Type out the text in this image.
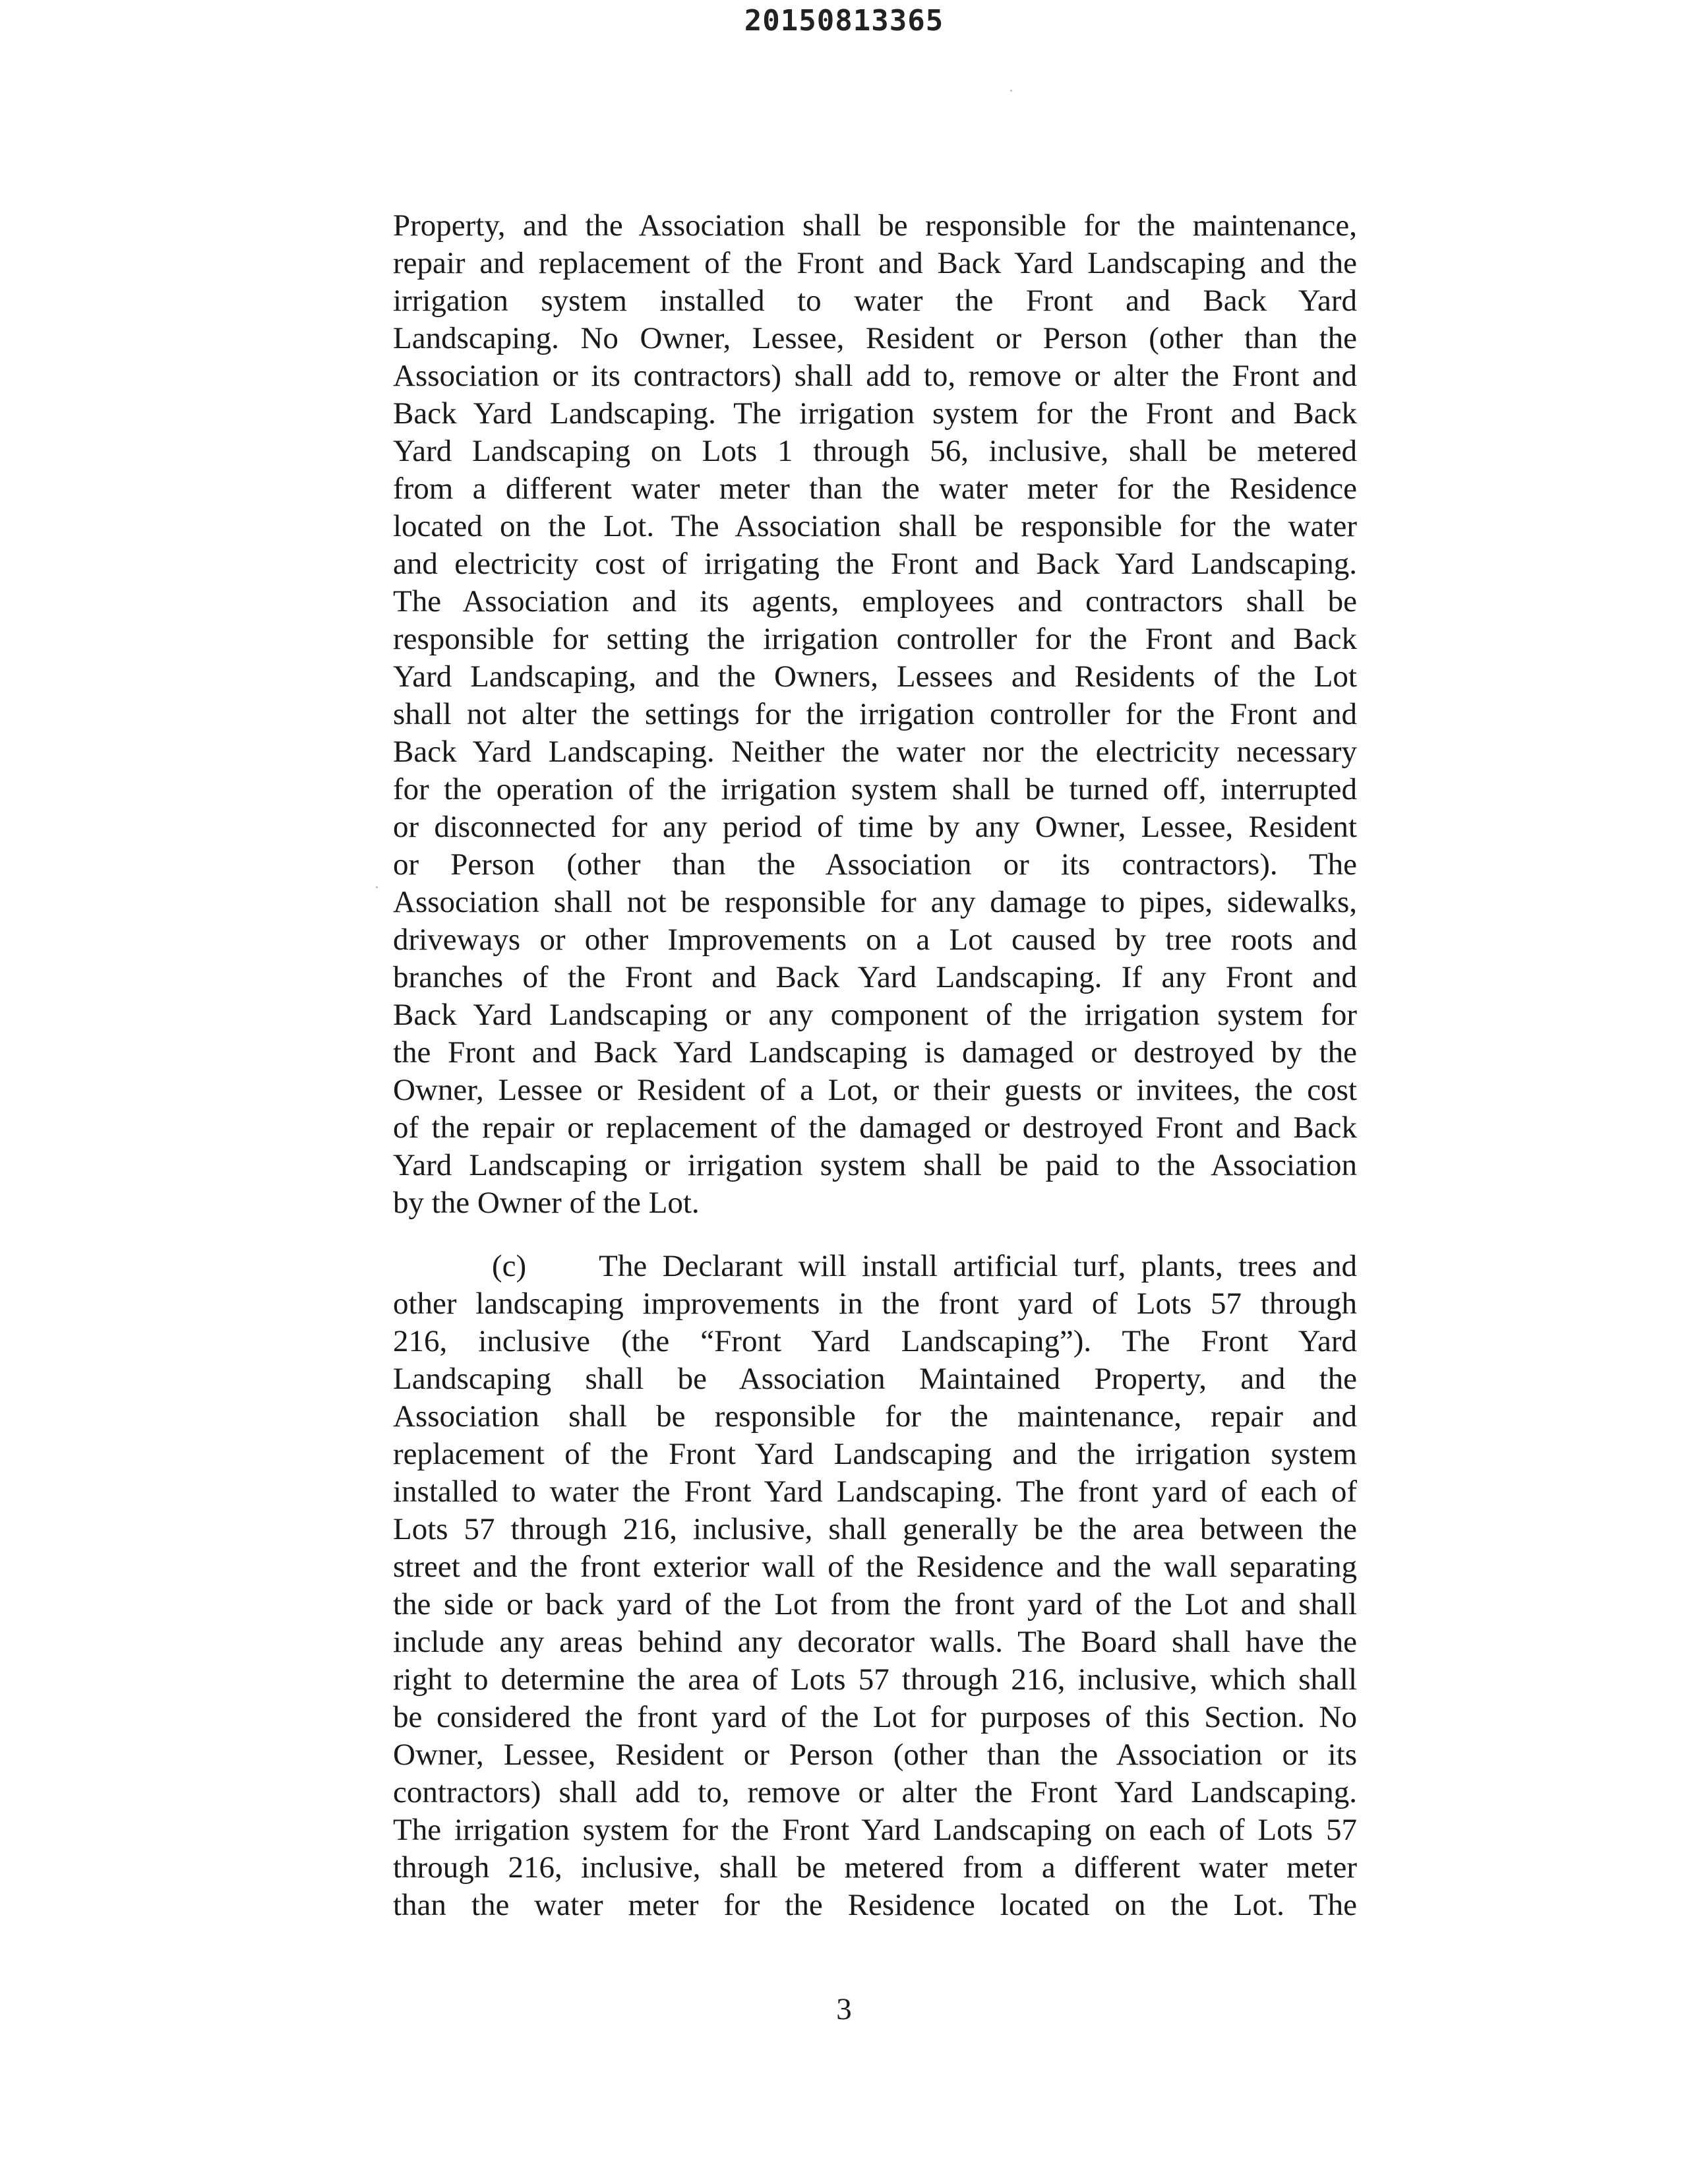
20150813365
Property, and the Association shall be responsible for the maintenance,
repair and replacement of the Front and Back Yard Landscaping and the
irrigation system installed to water the Front and Back Yard
Landscaping. No Owner, Lessee, Resident or Person (other than the
Association or its contractors) shall add to, remove or alter the Front and
Back Yard Landscaping. The irrigation system for the Front and Back
Yard Landscaping on Lots 1 through 56, inclusive, shall be metered
from a different water meter than the water meter for the Residence
located on the Lot. The Association shall be responsible for the water
and electricity cost of irrigating the Front and Back Yard Landscaping.
The Association and its agents, employees and contractors shall be
responsible for setting the irrigation controller for the Front and Back
Yard Landscaping, and the Owners, Lessees and Residents of the Lot
shall not alter the settings for the irrigation controller for the Front and
Back Yard Landscaping. Neither the water nor the electricity necessary
for the operation of the irrigation system shall be turned off, interrupted
or disconnected for any period of time by any Owner, Lessee, Resident
or Person (other than the Association or its contractors). The
Association shall not be responsible for any damage to pipes, sidewalks,
driveways or other Improvements on a Lot caused by tree roots and
branches of the Front and Back Yard Landscaping. If any Front and
Back Yard Landscaping or any component of the irrigation system for
the Front and Back Yard Landscaping is damaged or destroyed by the
Owner, Lessee or Resident of a Lot, or their guests or invitees, the cost
of the repair or replacement of the damaged or destroyed Front and Back
Yard Landscaping or irrigation system shall be paid to the Association
by the Owner of the Lot.
(c) The Declarant will install artificial turf, plants, trees and
other landscaping improvements in the front yard of Lots 57 through
216, inclusive (the “Front Yard Landscaping”). The Front Yard
Landscaping shall be Association Maintained Property, and the
Association shall be responsible for the maintenance, repair and
replacement of the Front Yard Landscaping and the irrigation system
installed to water the Front Yard Landscaping. The front yard of each of
Lots 57 through 216, inclusive, shall generally be the area between the
street and the front exterior wall of the Residence and the wall separating
the side or back yard of the Lot from the front yard of the Lot and shall
include any areas behind any decorator walls. The Board shall have the
right to determine the area of Lots 57 through 216, inclusive, which shall
be considered the front yard of the Lot for purposes of this Section. No
Owner, Lessee, Resident or Person (other than the Association or its
contractors) shall add to, remove or alter the Front Yard Landscaping.
The irrigation system for the Front Yard Landscaping on each of Lots 57
through 216, inclusive, shall be metered from a different water meter
than the water meter for the Residence located on the Lot. The
3
